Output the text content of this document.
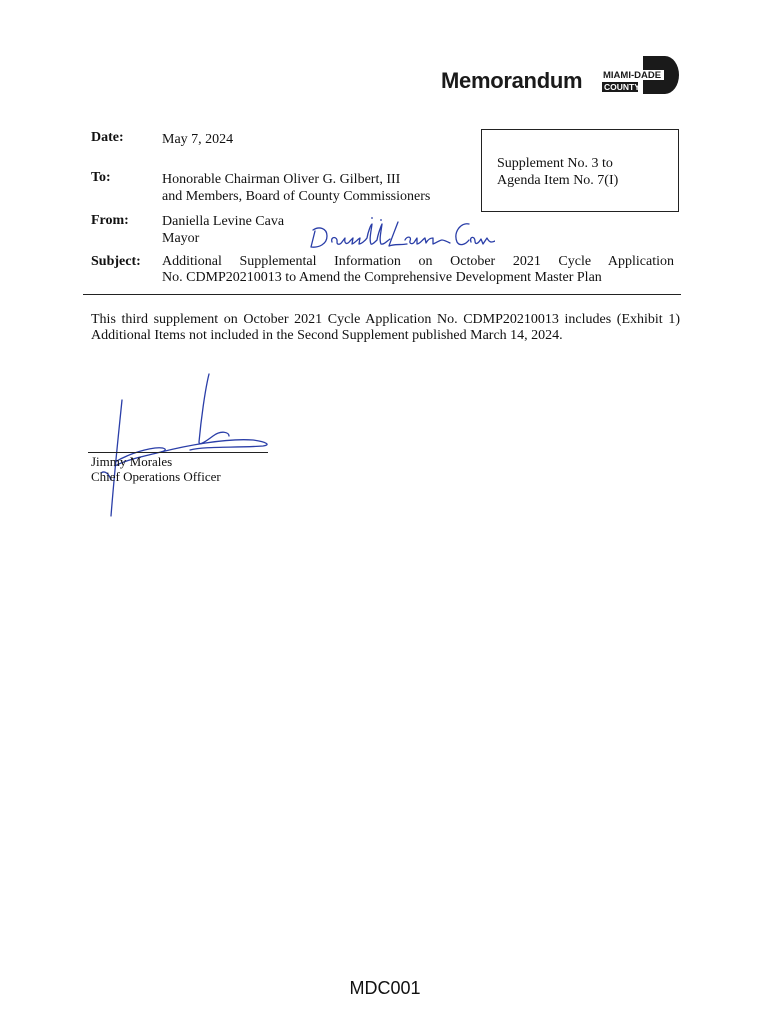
Memorandum MIAMI-DADE
COUNTY
Date:	May 7, 2024
Supplement No. 3 to
Agenda Item No. 7(I)
To:	Honorable Chairman Oliver G. Gilbert, III
and Members, Board of County Commissioners
From: Daniella Levine Cava
Mayor
Subject: Additional Supplemental Information on October 2021 Cycle Application
No. CDMP20210013 to Amend the Comprehensive Development Master Plan
This third supplement on October 2021 Cycle Application No. CDMP20210013 includes (Exhibit 1) Additional Items not included in the Second Supplement published March 14, 2024.
Jimmy Morales
Chief Operations Officer
MDC001
